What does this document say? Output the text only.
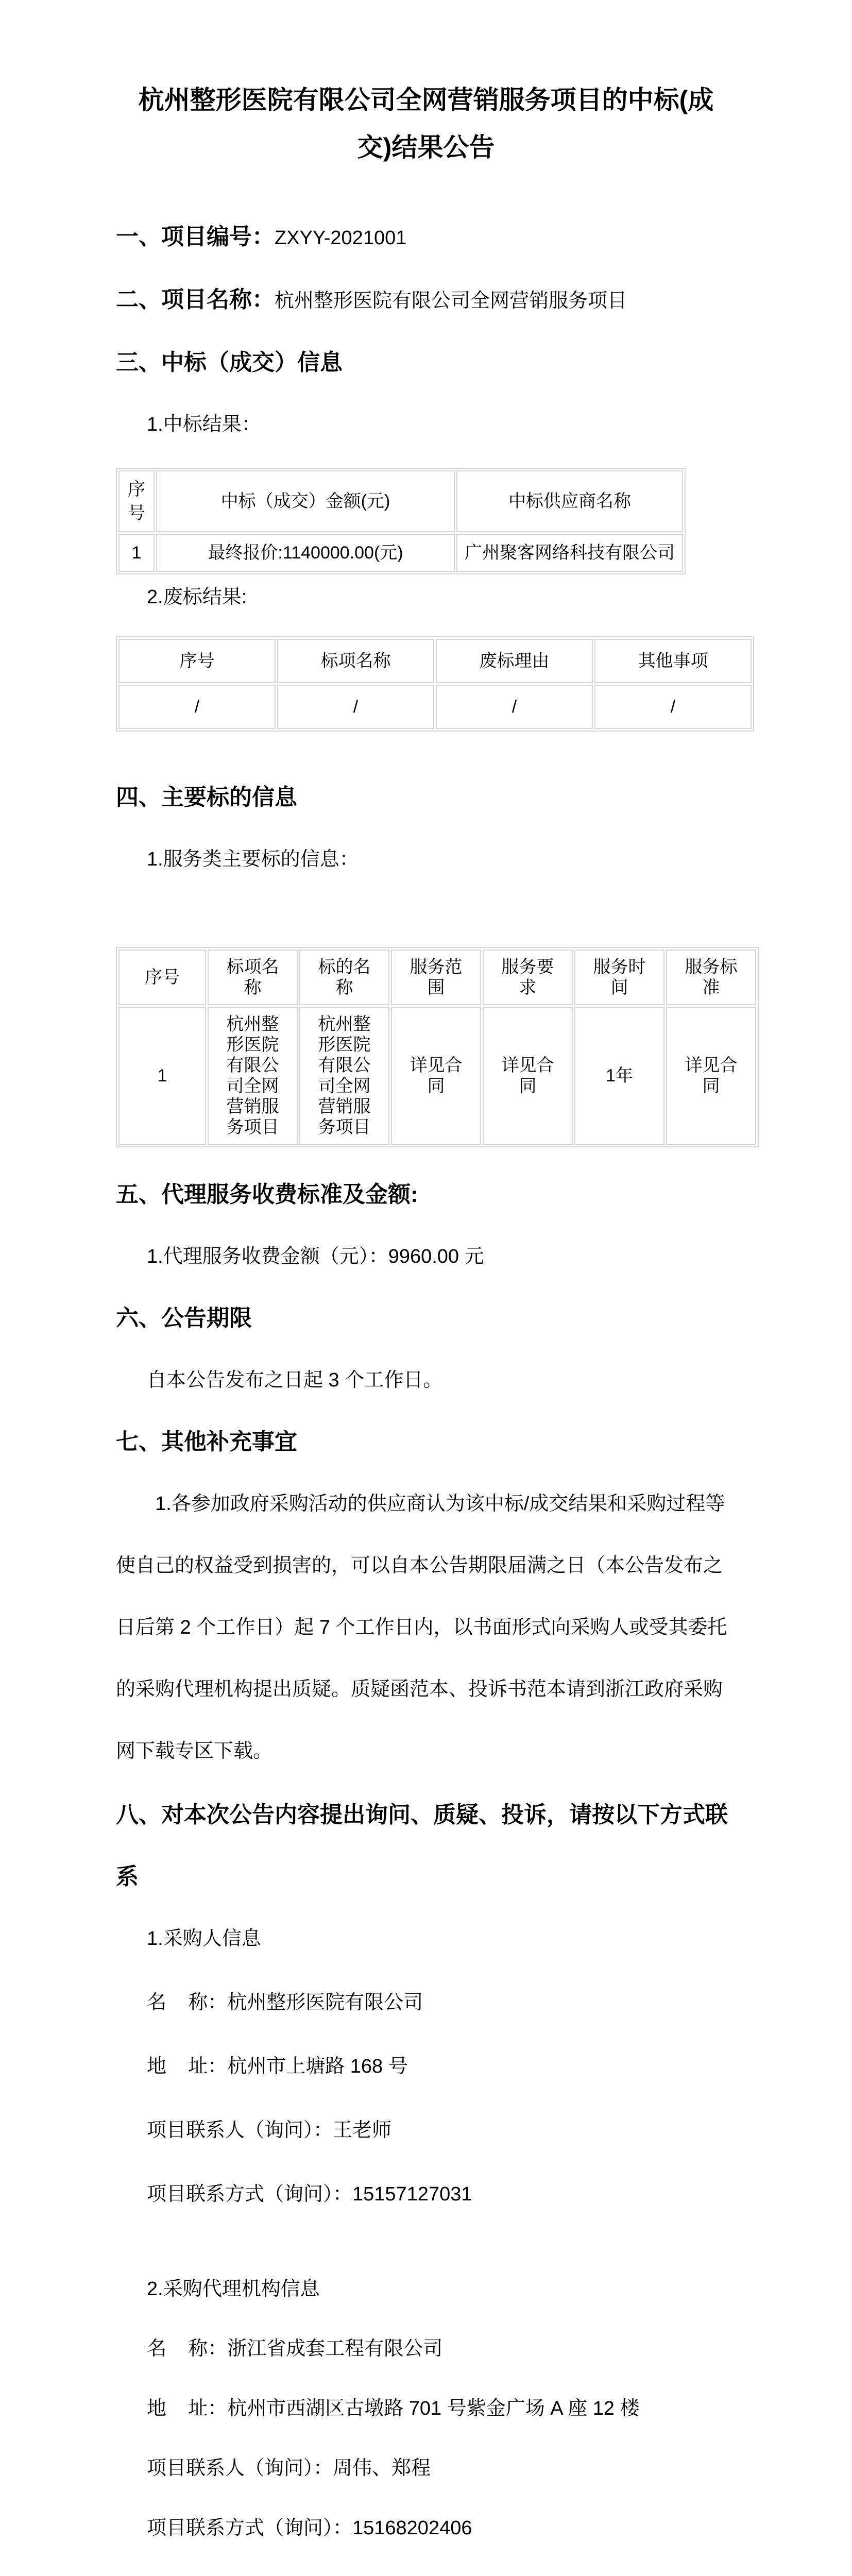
杭州整形医院有限公司全网营销服务项目的中标(成交)结果公告
一、项目编号：ZXYY-2021001
二、项目名称：杭州整形医院有限公司全网营销服务项目
三、中标（成交）信息
1.中标结果：
序号	中标（成交）金额(元)	中标供应商名称
1	最终报价:1140000.00(元)	广州聚客网络科技有限公司
2.废标结果:
序号	标项名称	废标理由	其他事项
/	/	/	/
四、主要标的信息
1.服务类主要标的信息：
序号	标项名称	标的名称	服务范围	服务要求	服务时间	服务标准
1	杭州整形医院有限公司全网营销服务项目	杭州整形医院有限公司全网营销服务项目	详见合同	详见合同	1年	详见合同
五、代理服务收费标准及金额:
1.代理服务收费金额（元）：9960.00 元
六、公告期限
自本公告发布之日起 3 个工作日。
七、其他补充事宜
1.各参加政府采购活动的供应商认为该中标/成交结果和采购过程等使自己的权益受到损害的，可以自本公告期限届满之日（本公告发布之日后第 2 个工作日）起 7 个工作日内，以书面形式向采购人或受其委托的采购代理机构提出质疑。质疑函范本、投诉书范本请到浙江政府采购网下载专区下载。
八、对本次公告内容提出询问、质疑、投诉，请按以下方式联系
1.采购人信息
名    称：杭州整形医院有限公司
地    址：杭州市上塘路 168 号
项目联系人（询问）：王老师
项目联系方式（询问）：15157127031
2.采购代理机构信息
名    称：浙江省成套工程有限公司
地    址：杭州市西湖区古墩路 701 号紫金广场 A 座 12 楼
项目联系人（询问）：周伟、郑程
项目联系方式（询问）：15168202406
